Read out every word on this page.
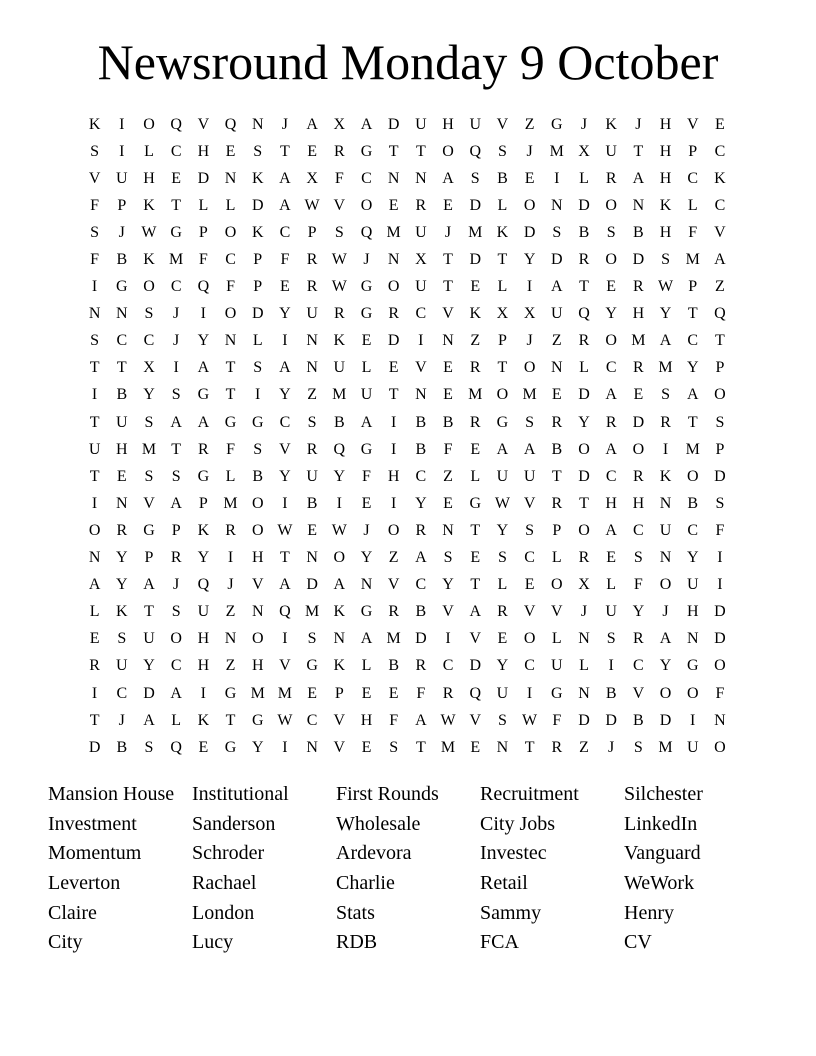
Newsround Monday 9 October
K	I	O Q V Q N	J	A X A D U H U V	Z	G	J	K	J	H V	E
S	I	L	C	H	E	S	T	E	R	G	T	T	O Q	S	J	M X U	T	H	P	C
V U H	E	D N K A X	F	C	N N A	S	B	E	I	L	R	A H	C	K
F	P	K	T	L	L	D A W V O	E	R	E	D	L	O N D O N K	L	C
S	J	W G	P	O K	C	P	S	Q M U	J	M K D	S	B	S	B	H	F	V
F	B	K M F	C	P	F	R W	J	N X	T	D	T	Y D	R	O D	S M A
I	G O	C	Q	F	P	E	R W G O U	T	E	L	I	A	T	E	R W P	Z
N N	S	J	I	O D Y U	R	G	R	C	V K X X U Q Y H Y	T	Q
S	C	C	J	Y N	L	I	N K	E	D	I	N	Z	P	J	Z	R	O M A	C	T
T	T	X	I	A	T	S	A N U	L	E	V	E	R	T	O N	L	C	R M Y	P
I	B	Y	S	G	T	I	Y	Z M U	T	N	E M O M E	D A	E	S	A O
T	U	S	A A G G	C	S	B	A	I	B	B	R	G	S	R	Y	R	D	R	T	S
U H M T	R	F	S	V	R	Q G	I	B	F	E	A A	B	O A O	I	M P
T	E	S	S	G	L	B	Y U Y	F	H	C	Z	L	U U	T	D	C	R	K O D
I	N V A	P M O	I	B	I	E	I	Y	E	G W V	R	T	H H N	B	S
O	R	G	P	K	R	O W E W	J	O	R	N	T	Y	S	P	O A	C	U	C	F
N Y	P	R	Y	I	H	T	N O Y	Z	A	S	E	S	C	L	R	E	S	N Y	I
A Y A	J	Q	J	V A D A N V	C	Y	T	L	E	O X	L	F	O U	I
L	K	T	S	U	Z	N Q M K G	R	B	V A	R	V V	J	U Y	J	H D
E	S	U O H N O	I	S	N A M D	I	V	E	O	L	N	S	R	A N D
R	U Y	C	H	Z	H V G K	L	B	R	C	D Y	C	U	L	I	C	Y G O
I	C	D A	I	G M M E	P	E	E	F	R	Q U	I	G N	B	V O O	F
T	J	A	L	K	T	G W C	V H	F	A W V	S W F	D D	B	D	I	N
D	B	S	Q	E	G Y	I	N V	E	S	T M E	N	T	R	Z	J	S M U O
Mansion House
Investment
Momentum
Leverton
Claire
City
Institutional
Sanderson
Schroder
Rachael
London
Lucy
First Rounds
Wholesale
Ardevora
Charlie
Stats
RDB
Recruitment
City Jobs
Investec
Retail
Sammy
FCA
Silchester
LinkedIn
Vanguard
WeWork
Henry
CV
